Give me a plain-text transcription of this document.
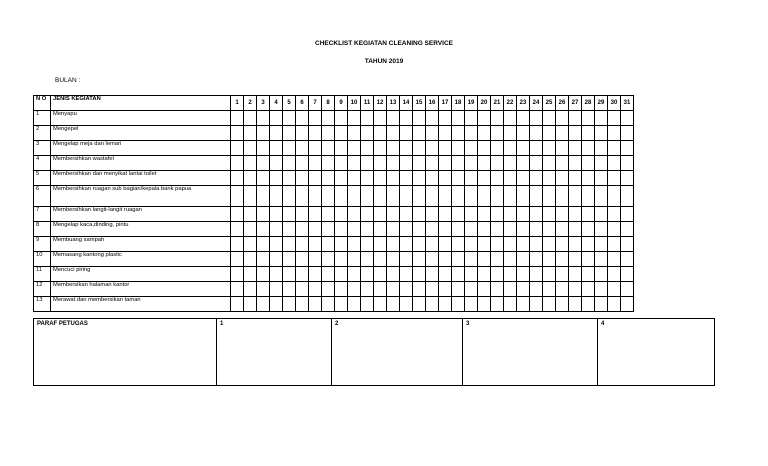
CHECKLIST KEGIATAN CLEANING SERVICE
TAHUN 2019
BULAN :
N O	JENIS KEGIATAN	1	2	3	4	5	6	7	8	9	10	11	12	13	14	15	16	17	18	19	20	21	22	23	24	25	26	27	28	29	30	31
1	Menyapu																															
2	Mengepel																															
3	Mengelap meja dan lemari																															
4	Membersihkan wastafel																															
5	Membersihkan dan menyikat lantai toilet																															
6	Membersihkan ruagan sub bagian/kepala bank papua																															
7	Membersihkan langit-langit ruagan																															
8	Mengelap kaca,dinding, pintu																															
9	Membuang sampah																															
10	Memasang kantong plastic																															
11	Mencuci piring																															
12	Membersikan halaman kantor																															
13	Merawat dan membersikan taman																															
PARAF PETUGAS	1	2	3	4
